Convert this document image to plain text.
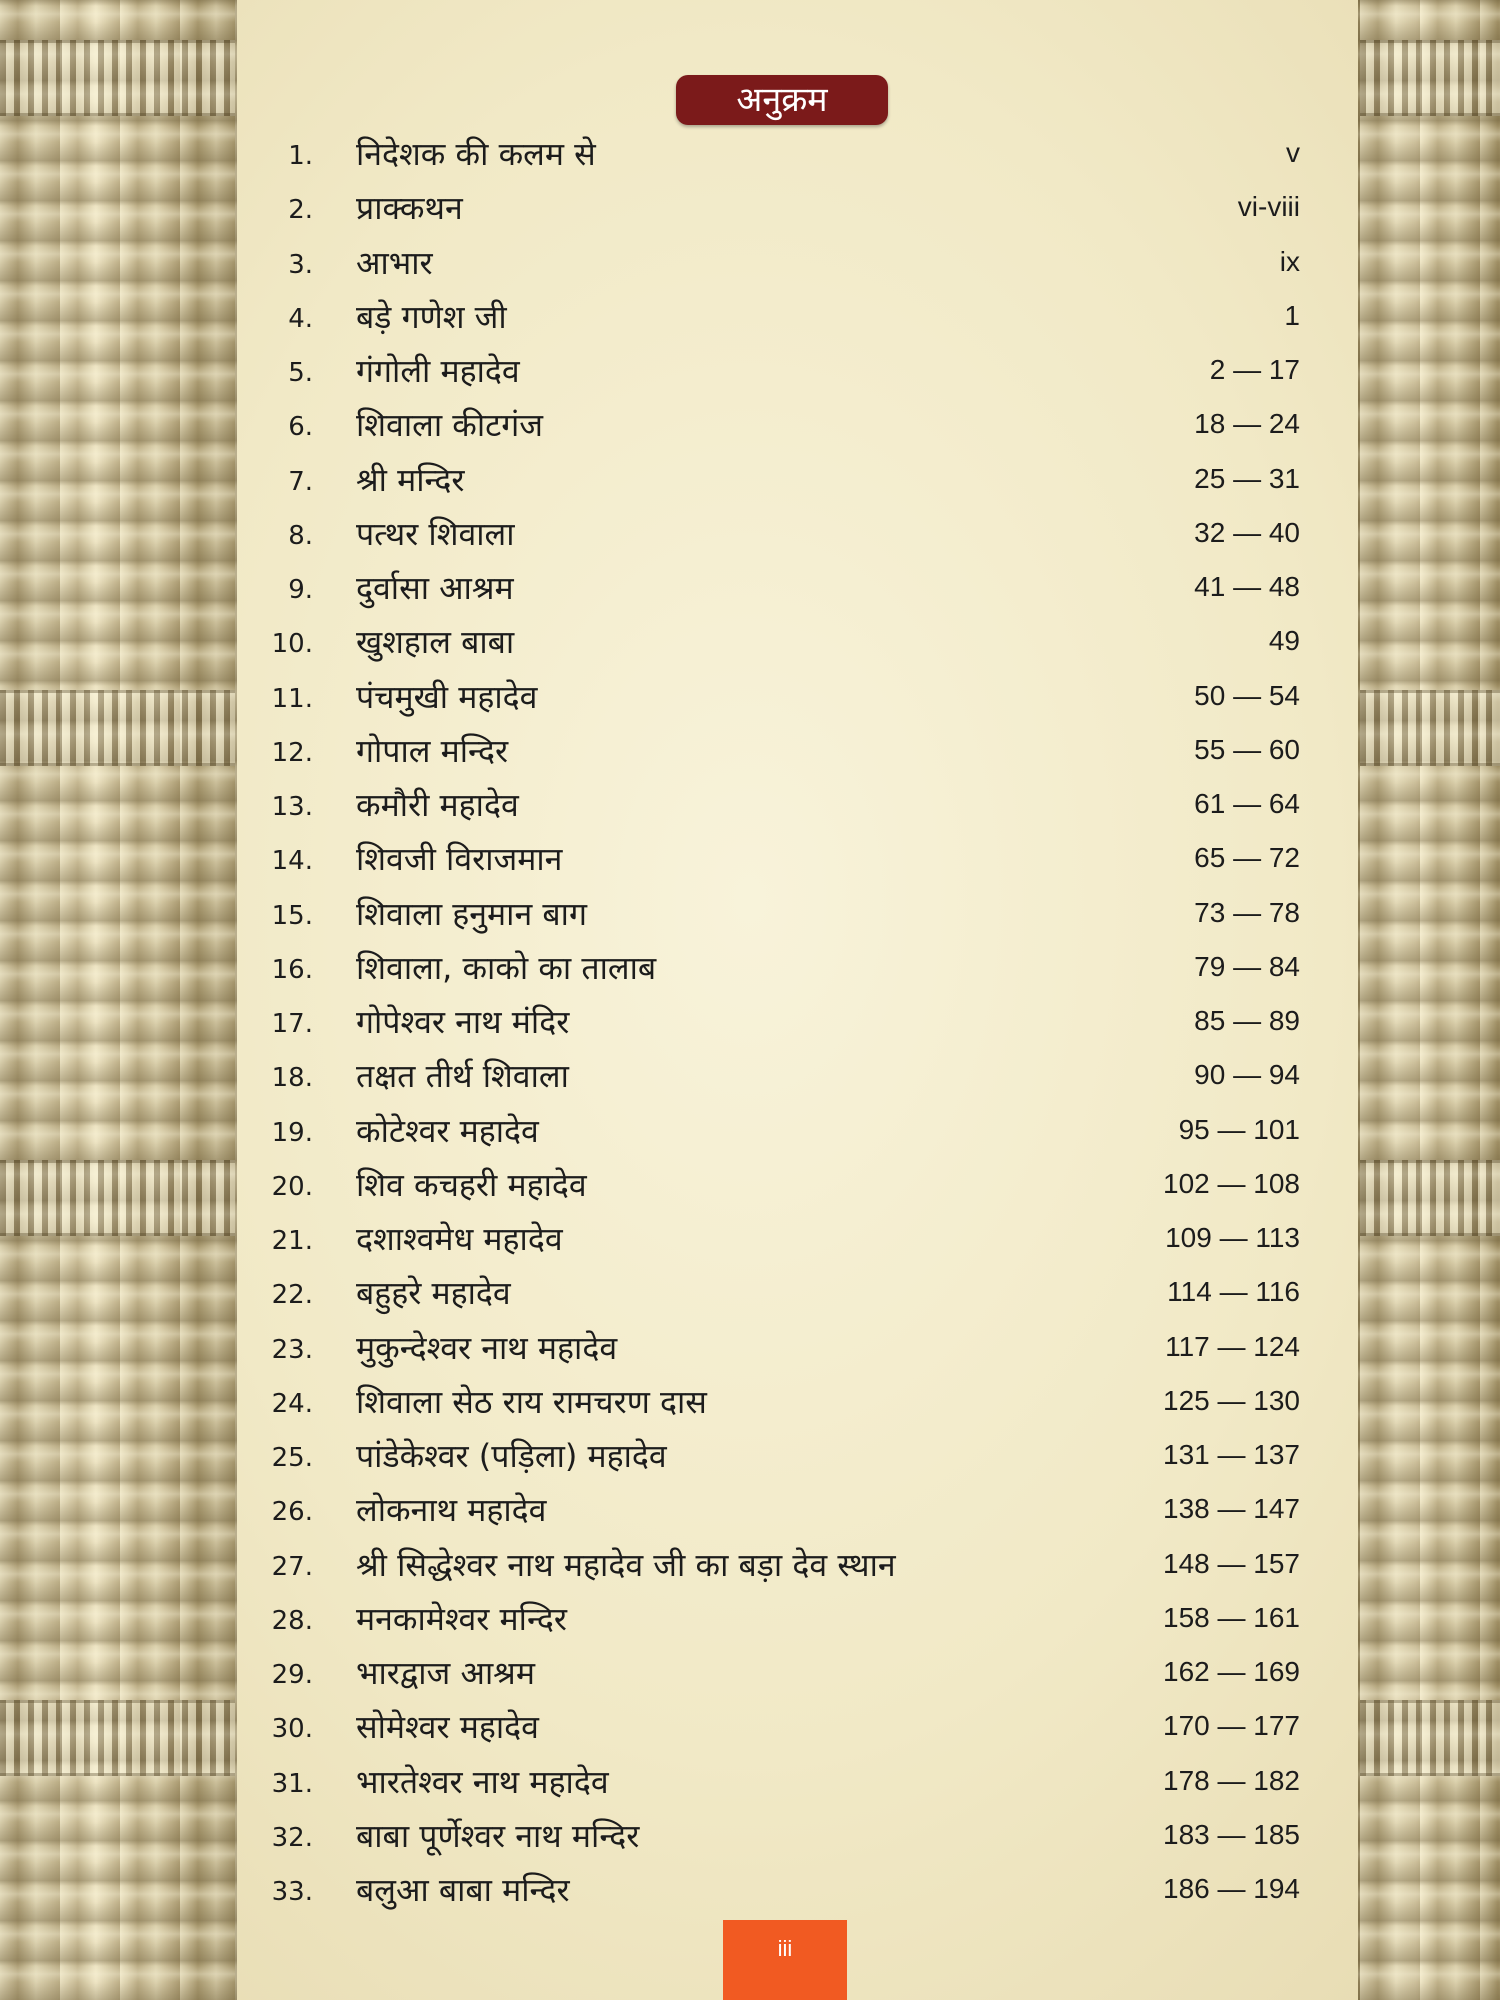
अनुक्रम
1. निदेशक की कलम से	v
2. प्राक्कथन	vi-viii
3. आभार	ix
4. बड़े गणेश जी	1
5. गंगोली महादेव	2 — 17
6. शिवाला कीटगंज	18 — 24
7. श्री मन्दिर	25 — 31
8. पत्थर शिवाला	32 — 40
9. दुर्वासा आश्रम	41 — 48
10. खुशहाल बाबा	49
11. पंचमुखी महादेव	50 — 54
12. गोपाल मन्दिर	55 — 60
13. कमौरी महादेव	61 — 64
14. शिवजी विराजमान	65 — 72
15. शिवाला हनुमान बाग	73 — 78
16. शिवाला, काको का तालाब	79 — 84
17. गोपेश्वर नाथ मंदिर	85 — 89
18. तक्षत तीर्थ शिवाला	90 — 94
19. कोटेश्वर महादेव	95 — 101
20. शिव कचहरी महादेव	102 — 108
21. दशाश्वमेध महादेव	109 — 113
22. बहुहरे महादेव	114 — 116
23. मुकुन्देश्वर नाथ महादेव	117 — 124
24. शिवाला सेठ राय रामचरण दास	125 — 130
25. पांडेकेश्वर (पड़िला) महादेव	131 — 137
26. लोकनाथ महादेव	138 — 147
27. श्री सिद्धेश्वर नाथ महादेव जी का बड़ा देव स्थान	148 — 157
28. मनकामेश्वर मन्दिर	158 — 161
29. भारद्वाज आश्रम	162 — 169
30. सोमेश्वर महादेव	170 — 177
31. भारतेश्वर नाथ महादेव	178 — 182
32. बाबा पूर्णेश्वर नाथ मन्दिर	183 — 185
33. बलुआ बाबा मन्दिर	186 — 194
iii
